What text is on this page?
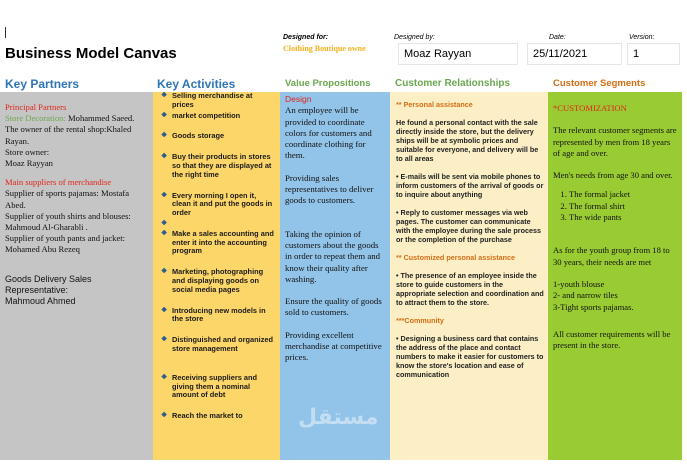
Business Model Canvas
Designed for:
Clothing Boutique owne
Designed by:
Moaz Rayyan
Date:
25/11/2021
Version:
1
Key Partners	Key Activities	Value Propositions Customer Relationships	Customer Segments
Principal Partners
Store Decoration: Mohammed Saeed.
The owner of the rental shop:Khaled Rayan.
Store owner:
Moaz Rayyan
Main suppliers of merchandise
Supplier of sports pajamas: Mostafa Abed.
Supplier of youth shirts and blouses:
Mahmoud Al-Gharabli .
Supplier of youth pants and jacket:
Mohamed Abu Rezeq
Goods Delivery Sales Representative:
Mahmoud Ahmed
❖ Selling merchandise at prices
❖ market competition
❖ Goods storage
❖ Buy their products in stores so that they are displayed at the right time
❖ Every morning I open it, clean it and put the goods in order
❖

❖ Make a sales accounting and enter it into the accounting program
❖ Marketing, photographing and displaying goods on social media pages
❖ Introducing new models in the store
❖ Distinguished and organized store management
❖ Receiving suppliers and giving them a nominal amount of debt
❖ Reach the market to
Design
An employee will be provided to coordinate colors for customers and coordinate clothing for them.
Providing sales representatives to deliver goods to customers.
Taking the opinion of customers about the goods in order to repeat them and know their quality after washing.
Ensure the quality of goods sold to customers.
Providing excellent merchandise at competitive prices.
** Personal assistance
He found a personal contact with the sale directly inside the store, but the delivery ships will be at symbolic prices and suitable for everyone, and delivery will be to all areas
• E-mails will be sent via mobile phones to inform customers of the arrival of goods or to inquire about anything
• Reply to customer messages via web pages. The customer can communicate with the employee during the sale process or the completion of the purchase
** Customized personal assistance
• The presence of an employee inside the store to guide customers in the appropriate selection and coordination and to attract them to the store.
***Community
• Designing a business card that contains the address of the place and contact numbers to make it easier for customers to know the store's location and ease of communication
*CUSTOMIZATION
The relevant customer segments are represented by men from 18 years of age and over.
Men's needs from age 30 and over.
1. The formal jacket
2. The formal shirt
3. The wide pants
As for the youth group from 18 to 30 years, their needs are met
1-youth blouse
2- and narrow tiles
3-Tight sports pajamas.
All customer requirements will be present in the store.
مستقل
